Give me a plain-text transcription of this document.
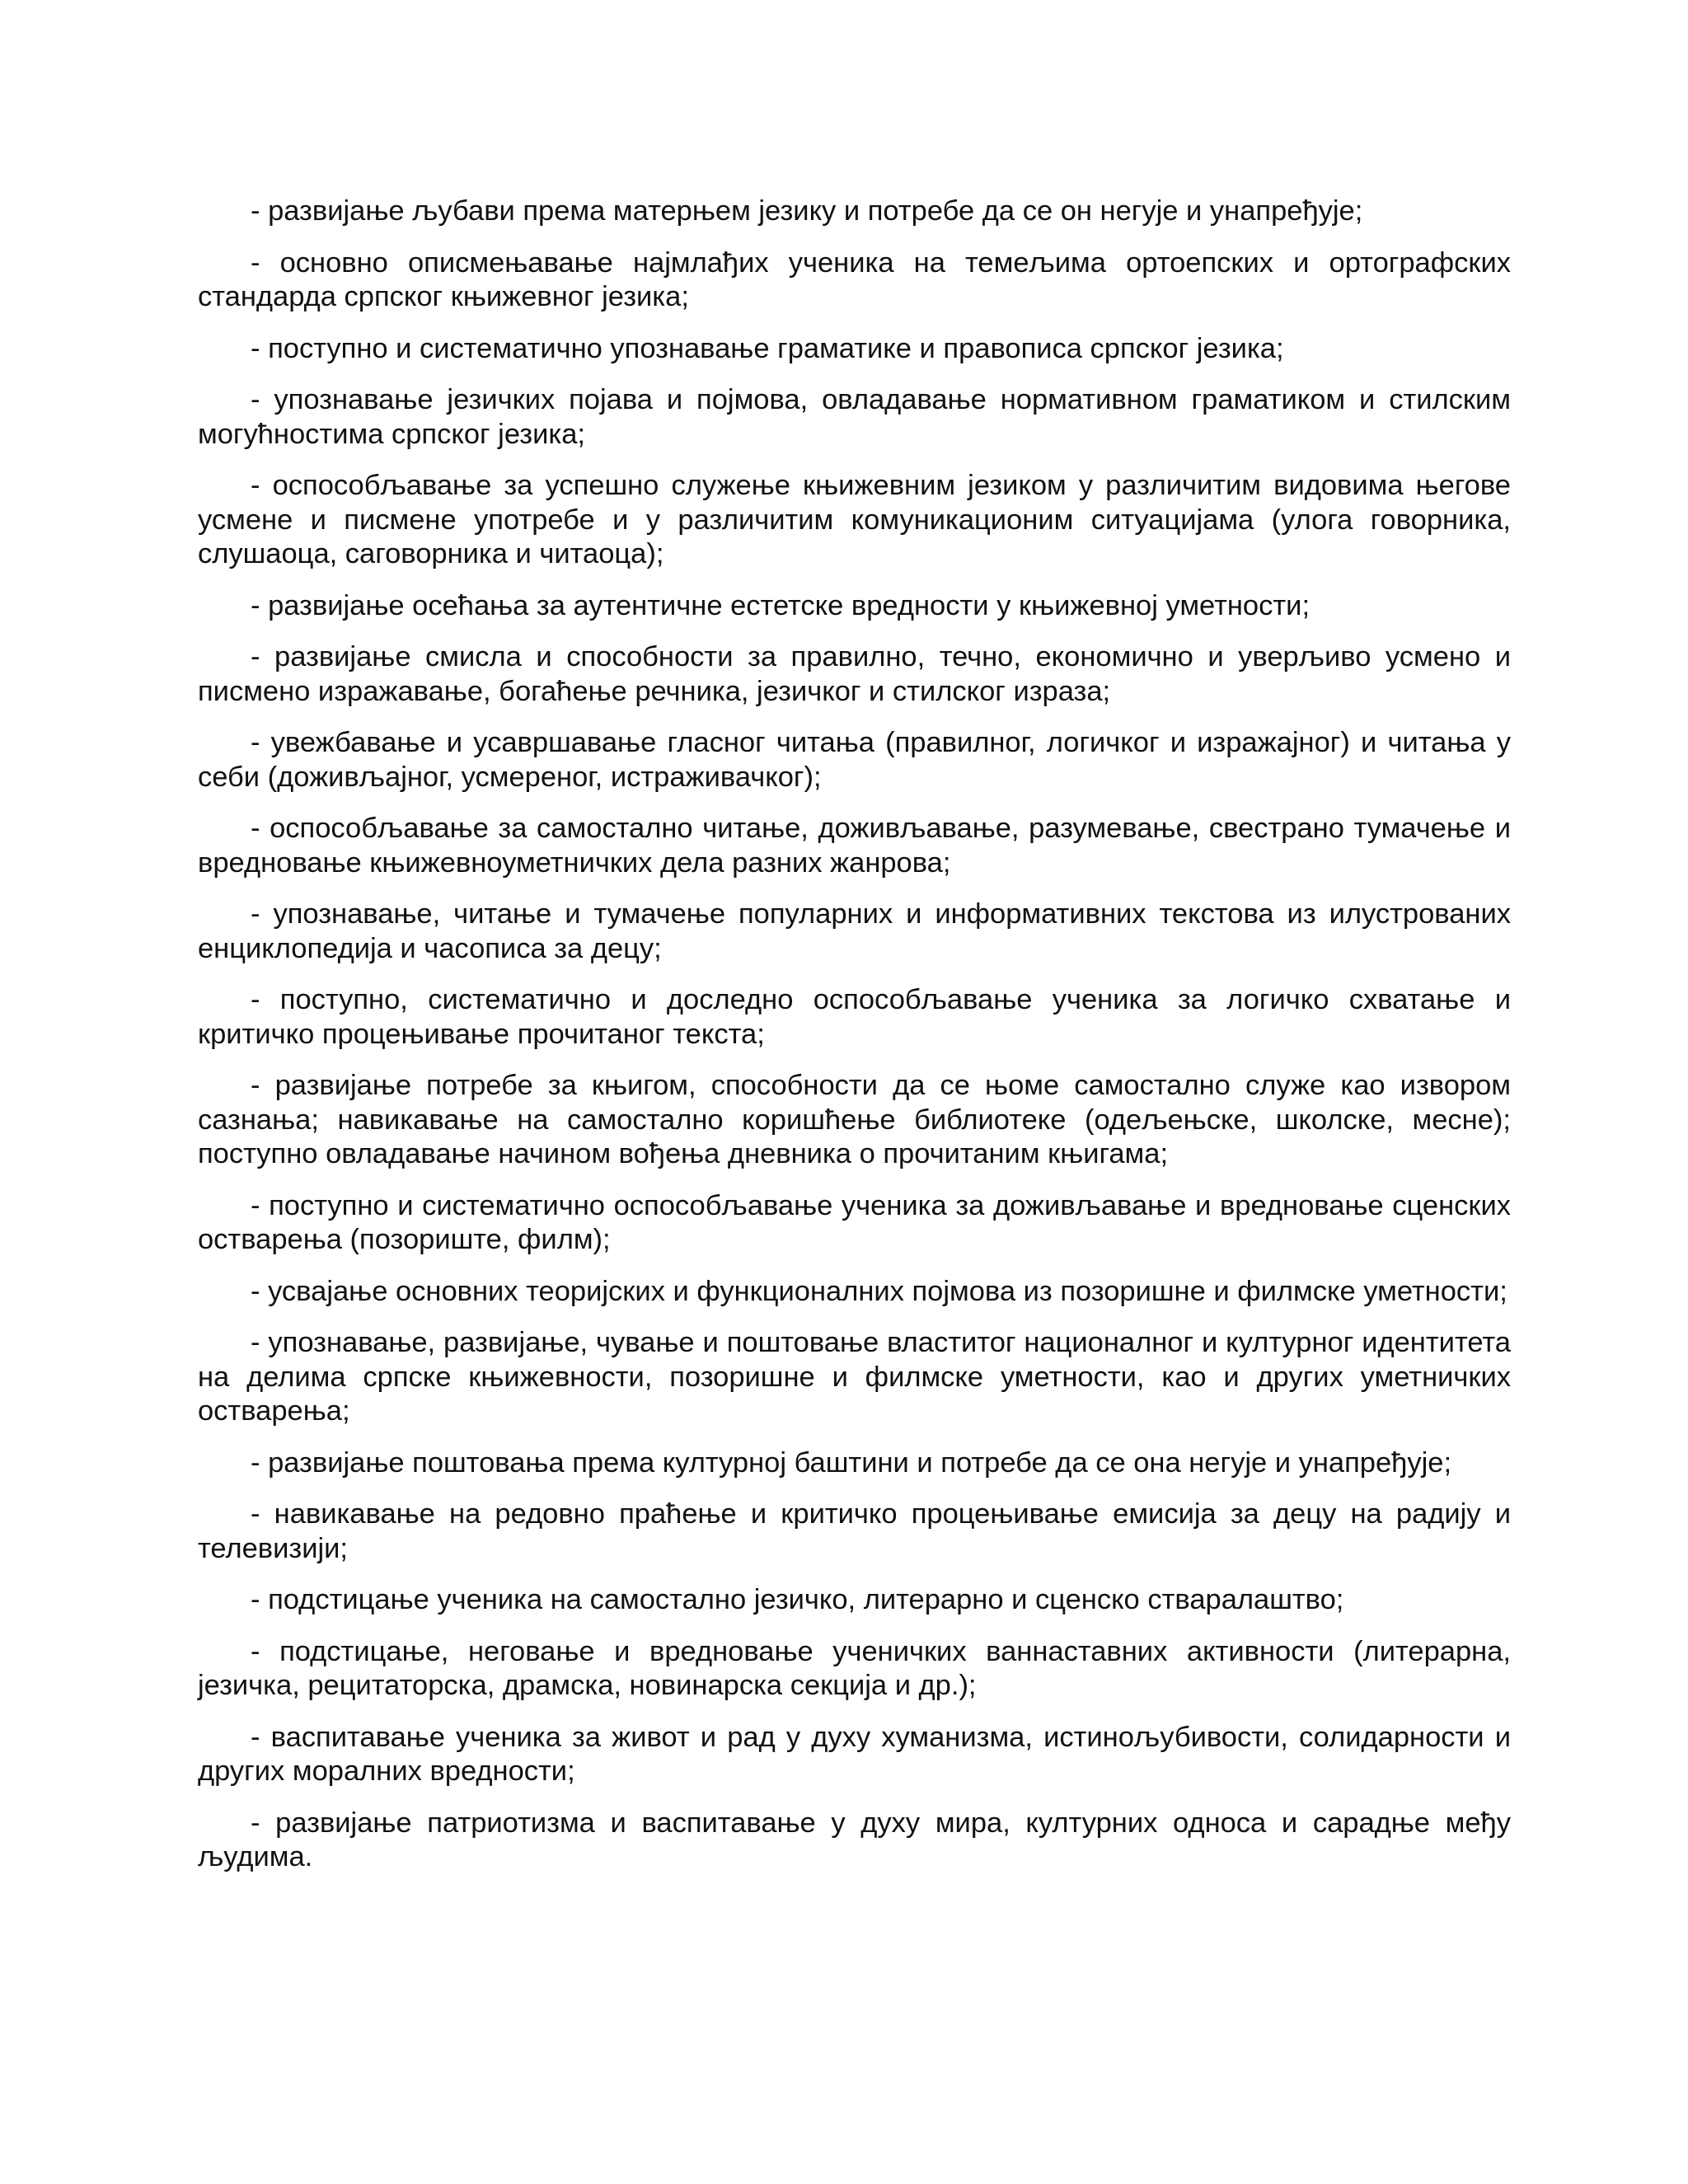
- развијање љубави према матерњем језику и потребе да се он негује и унапређује;

- основно описмењавање најмлађих ученика на темељима ортоепских и ортографских стандарда српског књижевног језика;

- поступно и систематично упознавање граматике и правописа српског језика;

- упознавање језичких појава и појмова, овладавање нормативном граматиком и стилским могућностима српског језика;

- оспособљавање за успешно служење књижевним језиком у различитим видовима његове усмене и писмене употребе и у различитим комуникационим ситуацијама (улога говорника, слушаоца, саговорника и читаоца);

- развијање осећања за аутентичне естетске вредности у књижевној уметности;

- развијање смисла и способности за правилно, течно, економично и уверљиво усмено и писмено изражавање, богаћење речника, језичког и стилског израза;

- увежбавање и усавршавање гласног читања (правилног, логичког и изражајног) и читања у себи (доживљајног, усмереног, истраживачког);

- оспособљавање за самостално читање, доживљавање, разумевање, свестрано тумачење и вредновање књижевноуметничких дела разних жанрова;

- упознавање, читање и тумачење популарних и информативних текстова из илустрованих енциклопедија и часописа за децу;

- поступно, систематично и доследно оспособљавање ученика за логичко схватање и критичко процењивање прочитаног текста;

- развијање потребе за књигом, способности да се њоме самостално служе као извором сазнања; навикавање на самостално коришћење библиотеке (одељењске, школске, месне); поступно овладавање начином вођења дневника о прочитаним књигама;

- поступно и систематично оспособљавање ученика за доживљавање и вредновање сценских остварења (позориште, филм);

- усвајање основних теоријских и функционалних појмова из позоришне и филмске уметности;

- упознавање, развијање, чување и поштовање властитог националног и културног идентитета на делима српске књижевности, позоришне и филмске уметности, као и других уметничких остварења;

- развијање поштовања према културној баштини и потребе да се она негује и унапређује;

- навикавање на редовно праћење и критичко процењивање емисија за децу на радију и телевизији;

- подстицање ученика на самостално језичко, литерарно и сценско стваралаштво;

- подстицање, неговање и вредновање ученичких ваннаставних активности (литерарна, језичка, рецитаторска, драмска, новинарска секција и др.);

- васпитавање ученика за живот и рад у духу хуманизма, истинољубивости, солидарности и других моралних вредности;

- развијање патриотизма и васпитавање у духу мира, културних односа и сарадње међу људима.
